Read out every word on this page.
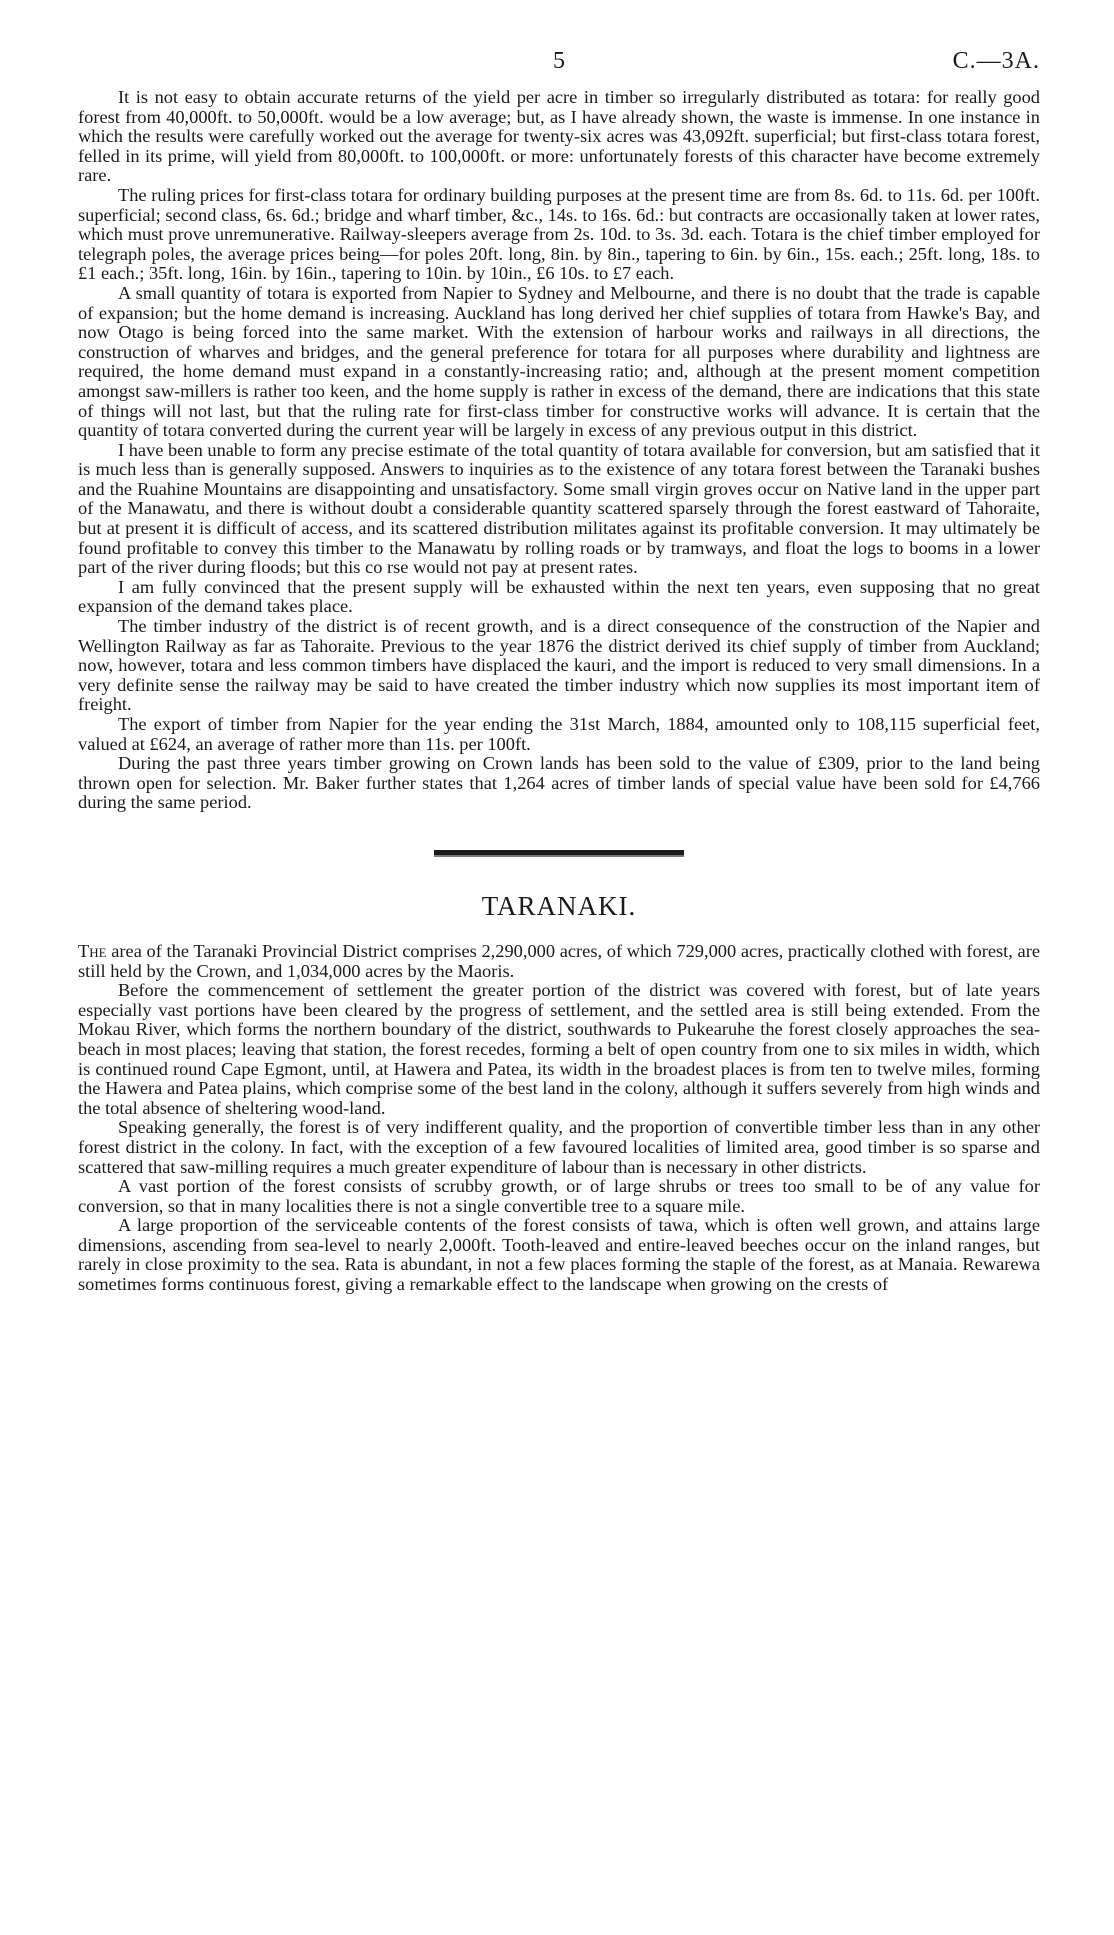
5	C.—3A.

It is not easy to obtain accurate returns of the yield per acre in timber so irregularly distributed as totara: for really good forest from 40,000ft. to 50,000ft. would be a low average; but, as I have already shown, the waste is immense. In one instance in which the results were carefully worked out the average for twenty-six acres was 43,092ft. superficial; but first-class totara forest, felled in its prime, will yield from 80,000ft. to 100,000ft. or more: unfortunately forests of this character have become extremely rare.

The ruling prices for first-class totara for ordinary building purposes at the present time are from 8s. 6d. to 11s. 6d. per 100ft. superficial; second class, 6s. 6d.; bridge and wharf timber, &c., 14s. to 16s. 6d.: but contracts are occasionally taken at lower rates, which must prove unremunerative. Railway-sleepers average from 2s. 10d. to 3s. 3d. each. Totara is the chief timber employed for telegraph poles, the average prices being—for poles 20ft. long, 8in. by 8in., tapering to 6in. by 6in., 15s. each.; 25ft. long, 18s. to £1 each.; 35ft. long, 16in. by 16in., tapering to 10in. by 10in., £6 10s. to £7 each.

A small quantity of totara is exported from Napier to Sydney and Melbourne, and there is no doubt that the trade is capable of expansion; but the home demand is increasing. Auckland has long derived her chief supplies of totara from Hawke's Bay, and now Otago is being forced into the same market. With the extension of harbour works and railways in all directions, the construction of wharves and bridges, and the general preference for totara for all purposes where durability and lightness are required, the home demand must expand in a constantly-increasing ratio; and, although at the present moment competition amongst saw-millers is rather too keen, and the home supply is rather in excess of the demand, there are indications that this state of things will not last, but that the ruling rate for first-class timber for constructive works will advance. It is certain that the quantity of totara converted during the current year will be largely in excess of any previous output in this district.

I have been unable to form any precise estimate of the total quantity of totara available for conversion, but am satisfied that it is much less than is generally supposed. Answers to inquiries as to the existence of any totara forest between the Taranaki bushes and the Ruahine Mountains are disappointing and unsatisfactory. Some small virgin groves occur on Native land in the upper part of the Manawatu, and there is without doubt a considerable quantity scattered sparsely through the forest eastward of Tahoraite, but at present it is difficult of access, and its scattered distribution militates against its profitable conversion. It may ultimately be found profitable to convey this timber to the Manawatu by rolling roads or by tramways, and float the logs to booms in a lower part of the river during floods; but this co rse would not pay at present rates.

I am fully convinced that the present supply will be exhausted within the next ten years, even supposing that no great expansion of the demand takes place.

The timber industry of the district is of recent growth, and is a direct consequence of the construction of the Napier and Wellington Railway as far as Tahoraite. Previous to the year 1876 the district derived its chief supply of timber from Auckland; now, however, totara and less common timbers have displaced the kauri, and the import is reduced to very small dimensions. In a very definite sense the railway may be said to have created the timber industry which now supplies its most important item of freight.

The export of timber from Napier for the year ending the 31st March, 1884, amounted only to 108,115 superficial feet, valued at £624, an average of rather more than 11s. per 100ft.

During the past three years timber growing on Crown lands has been sold to the value of £309, prior to the land being thrown open for selection. Mr. Baker further states that 1,264 acres of timber lands of special value have been sold for £4,766 during the same period.

TARANAKI.

The area of the Taranaki Provincial District comprises 2,290,000 acres, of which 729,000 acres, practically clothed with forest, are still held by the Crown, and 1,034,000 acres by the Maoris.

Before the commencement of settlement the greater portion of the district was covered with forest, but of late years especially vast portions have been cleared by the progress of settlement, and the settled area is still being extended. From the Mokau River, which forms the northern boundary of the district, southwards to Pukearuhe the forest closely approaches the sea-beach in most places; leaving that station, the forest recedes, forming a belt of open country from one to six miles in width, which is continued round Cape Egmont, until, at Hawera and Patea, its width in the broadest places is from ten to twelve miles, forming the Hawera and Patea plains, which comprise some of the best land in the colony, although it suffers severely from high winds and the total absence of sheltering wood-land.

Speaking generally, the forest is of very indifferent quality, and the proportion of convertible timber less than in any other forest district in the colony. In fact, with the exception of a few favoured localities of limited area, good timber is so sparse and scattered that saw-milling requires a much greater expenditure of labour than is necessary in other districts.

A vast portion of the forest consists of scrubby growth, or of large shrubs or trees too small to be of any value for conversion, so that in many localities there is not a single convertible tree to a square mile.

A large proportion of the serviceable contents of the forest consists of tawa, which is often well grown, and attains large dimensions, ascending from sea-level to nearly 2,000ft. Tooth-leaved and entire-leaved beeches occur on the inland ranges, but rarely in close proximity to the sea. Rata is abundant, in not a few places forming the staple of the forest, as at Manaia. Rewarewa sometimes forms continuous forest, giving a remarkable effect to the landscape when growing on the crests of
